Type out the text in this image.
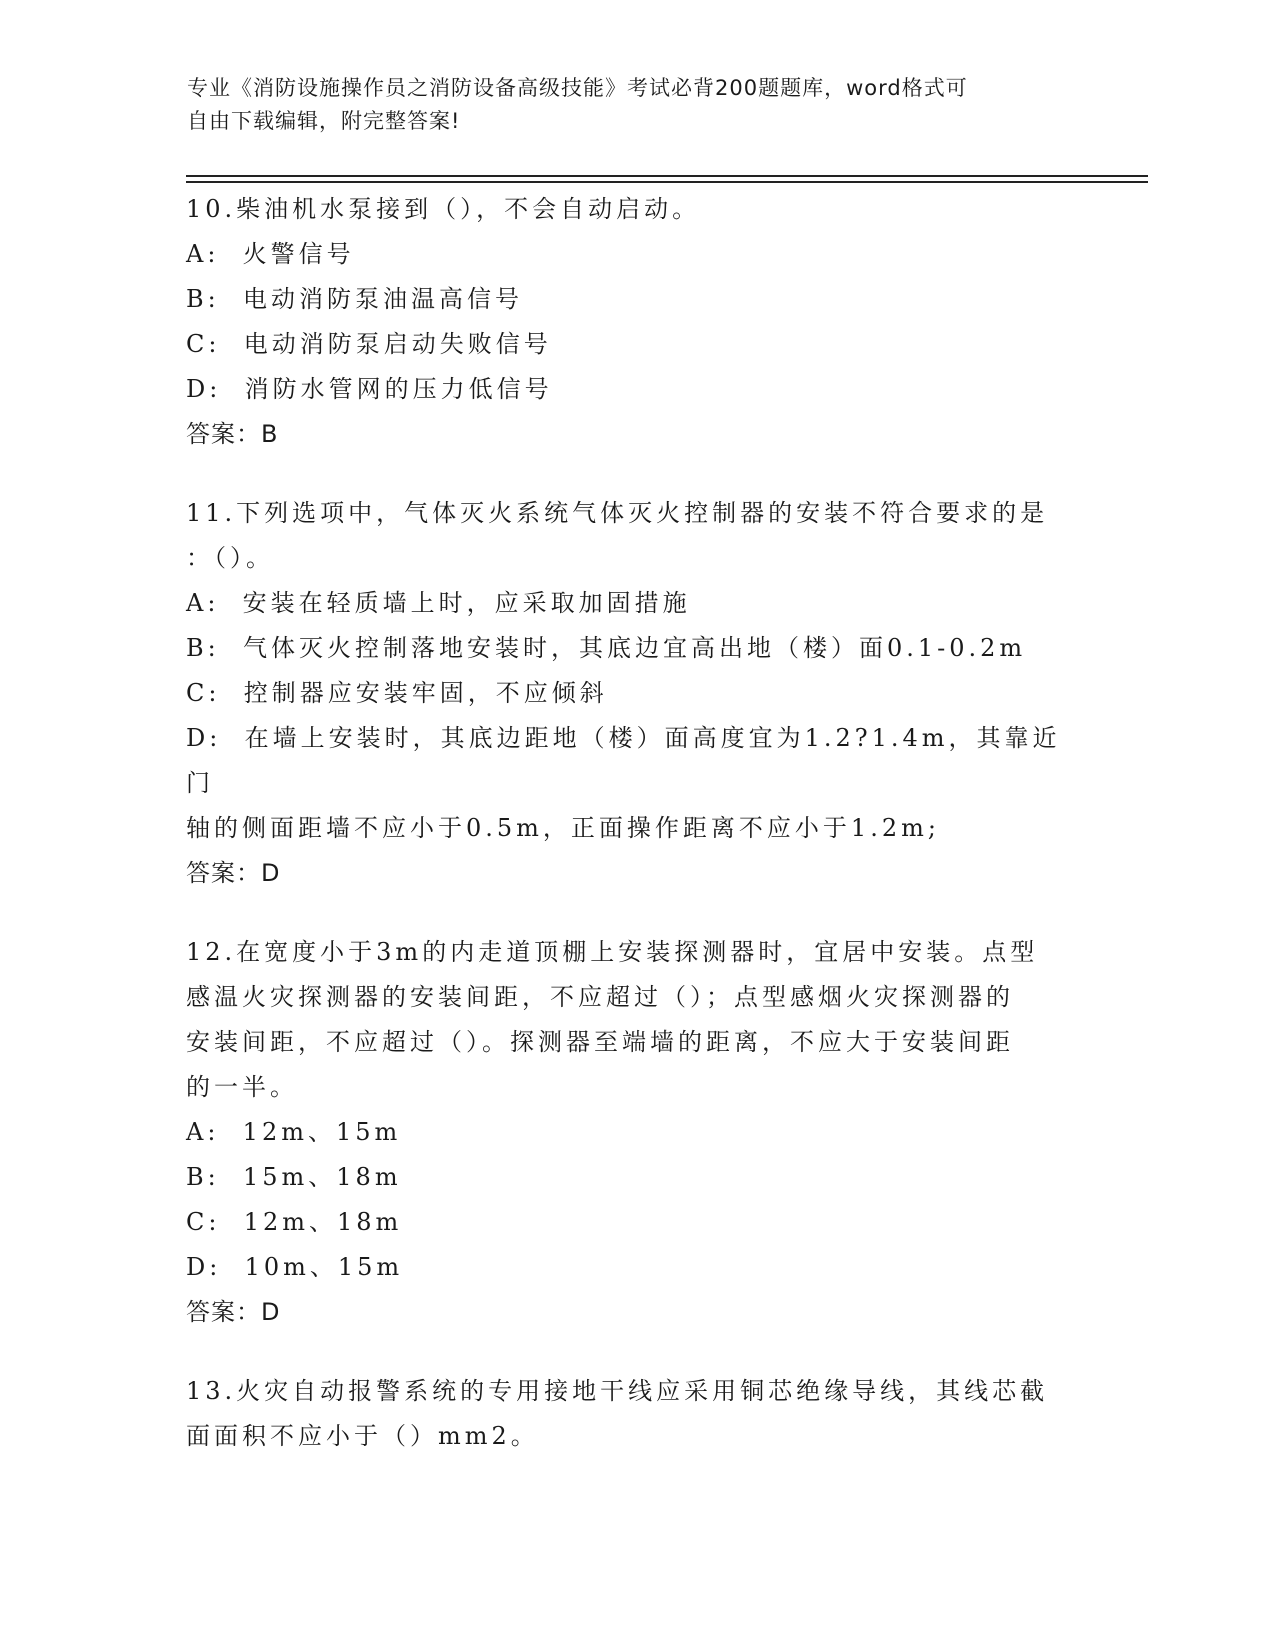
专业《消防设施操作员之消防设备高级技能》考试必背200题题库，word格式可
自由下载编辑，附完整答案!
10.柴油机水泵接到（），不会自动启动。
A:  火警信号
B:  电动消防泵油温高信号
C:  电动消防泵启动失败信号
D:  消防水管网的压力低信号
答案：B
11.下列选项中，气体灭火系统气体灭火控制器的安装不符合要求的是
：（）。
A:  安装在轻质墙上时，应采取加固措施
B:  气体灭火控制落地安装时，其底边宜高出地（楼）面0.1-0.2m
C:  控制器应安装牢固，不应倾斜
D:  在墙上安装时，其底边距地（楼）面高度宜为1.2?1.4m，其靠近门
轴的侧面距墙不应小于0.5m，正面操作距离不应小于1.2m;
答案：D
12.在宽度小于3m的内走道顶棚上安装探测器时，宜居中安装。点型
感温火灾探测器的安装间距，不应超过（）；点型感烟火灾探测器的
安装间距，不应超过（）。探测器至端墙的距离，不应大于安装间距
的一半。
A:  12m、15m
B:  15m、18m
C:  12m、18m
D:  10m、15m
答案：D
13.火灾自动报警系统的专用接地干线应采用铜芯绝缘导线，其线芯截
面面积不应小于（）mm2。
